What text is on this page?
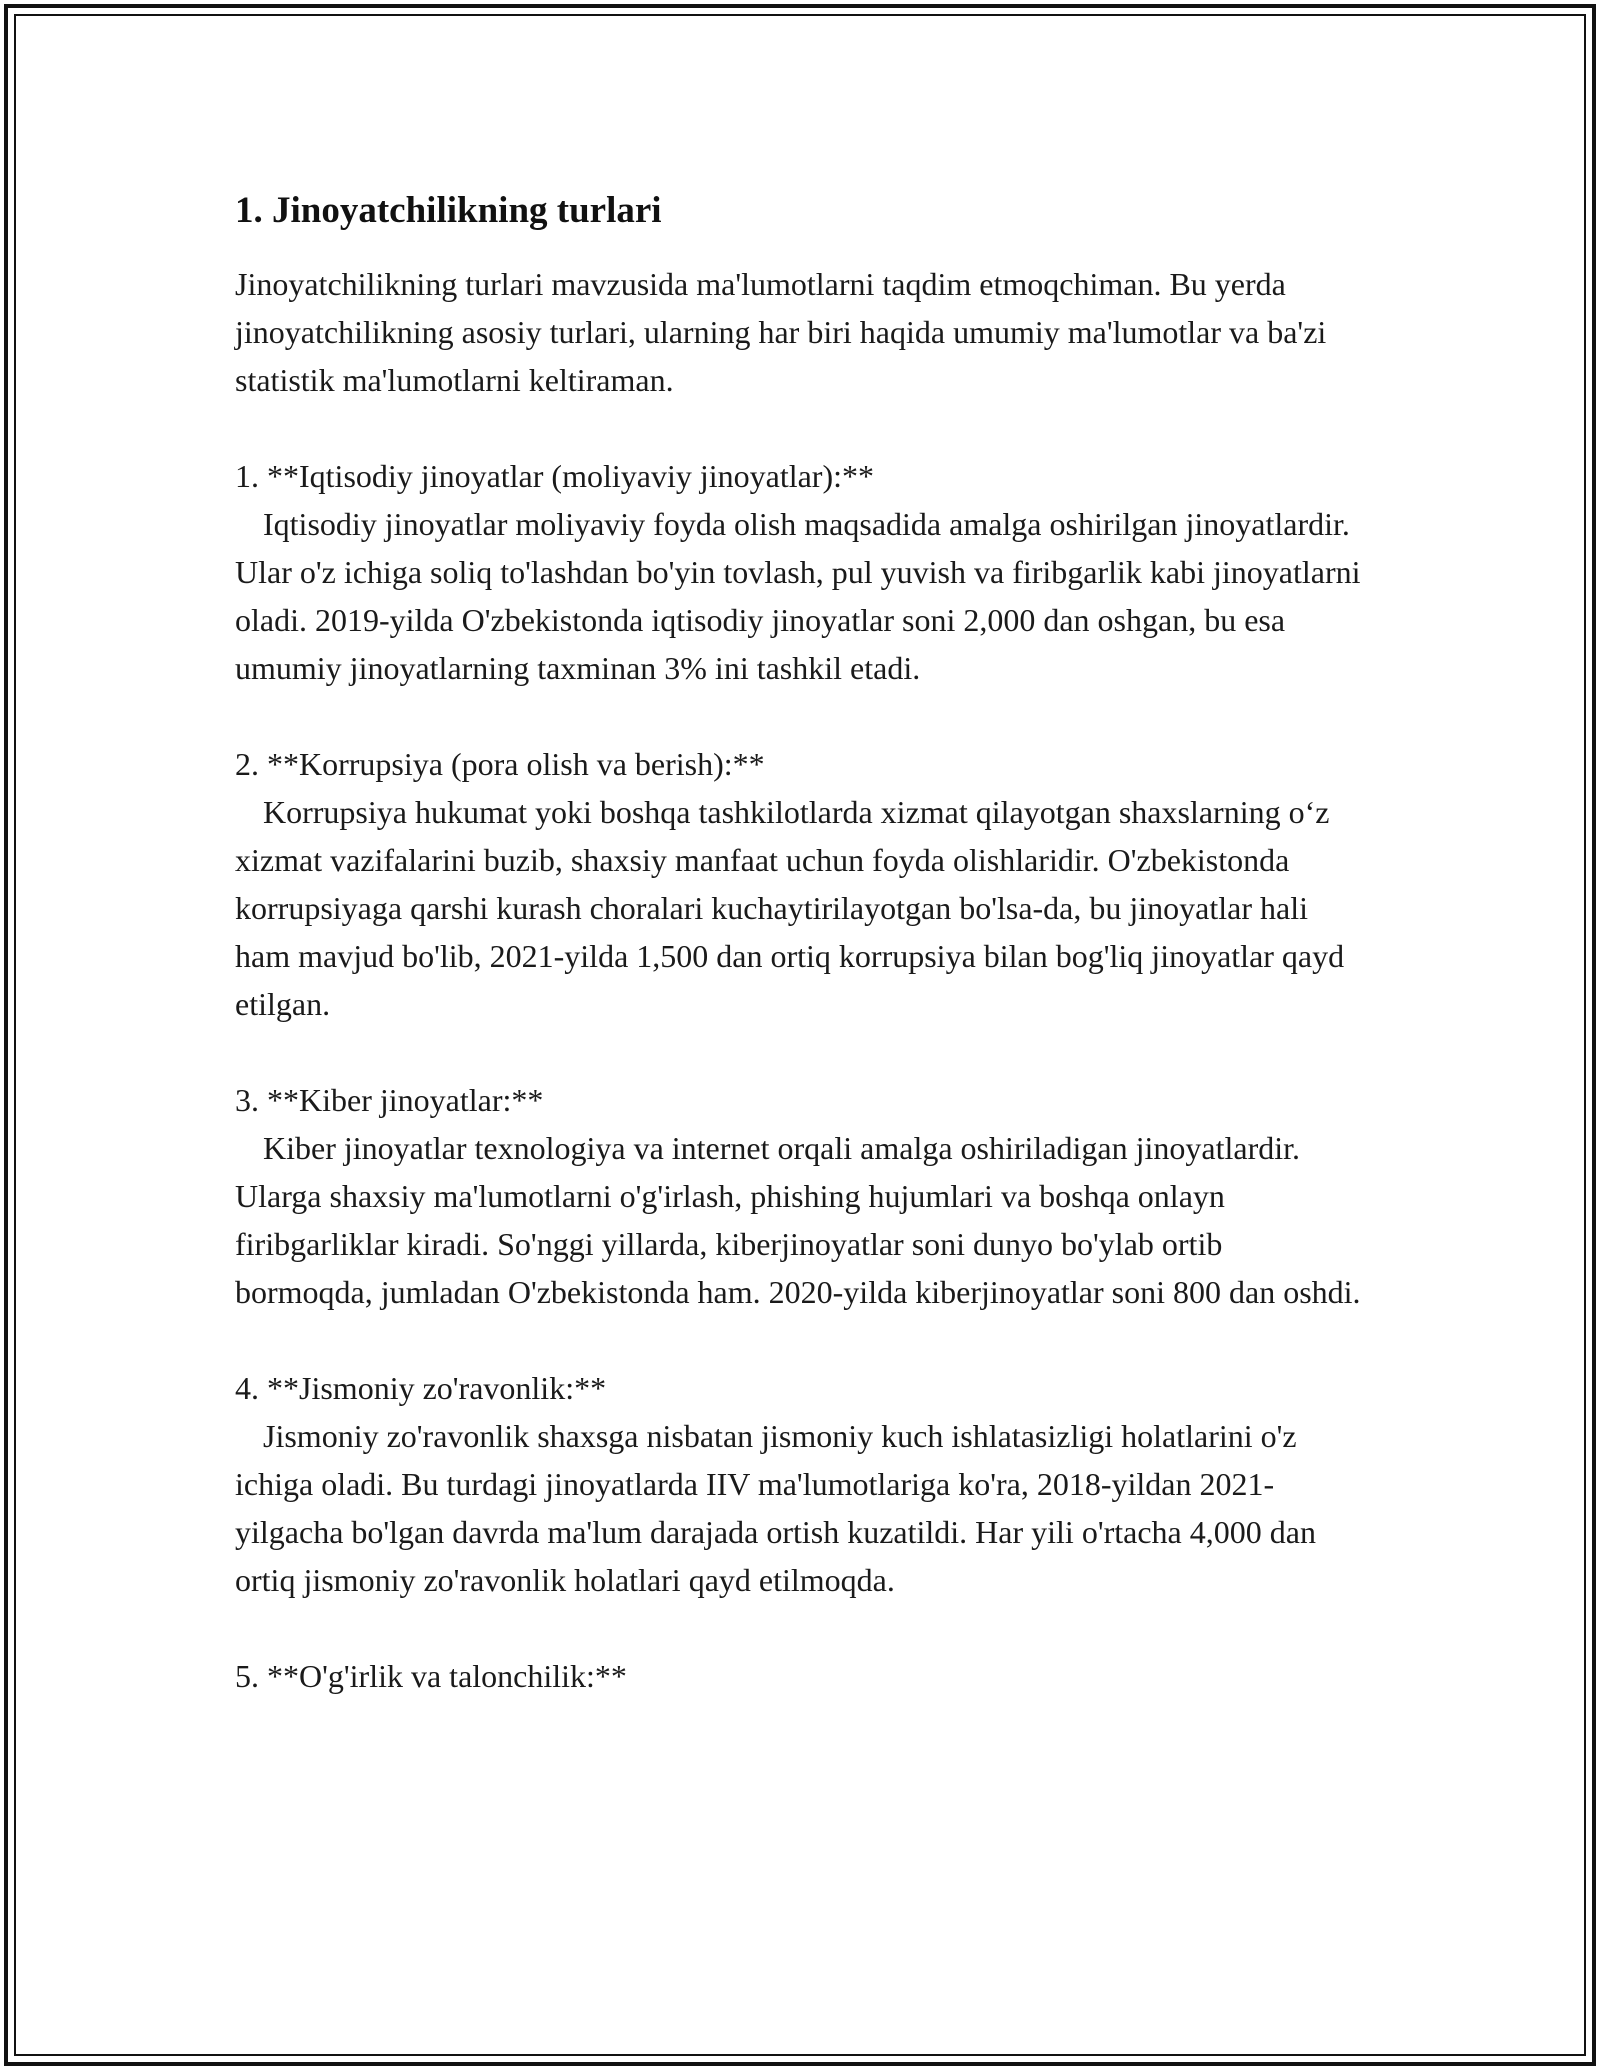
1. Jinoyatchilikning turlari

Jinoyatchilikning turlari mavzusida ma'lumotlarni taqdim etmoqchiman. Bu yerda jinoyatchilikning asosiy turlari, ularning har biri haqida umumiy ma'lumotlar va ba'zi statistik ma'lumotlarni keltiraman.

1. **Iqtisodiy jinoyatlar (moliyaviy jinoyatlar):**

Iqtisodiy jinoyatlar moliyaviy foyda olish maqsadida amalga oshirilgan jinoyatlardir. Ular o'z ichiga soliq to'lashdan bo'yin tovlash, pul yuvish va firibgarlik kabi jinoyatlarni oladi. 2019-yilda O'zbekistonda iqtisodiy jinoyatlar soni 2,000 dan oshgan, bu esa umumiy jinoyatlarning taxminan 3% ini tashkil etadi.

2. **Korrupsiya (pora olish va berish):**

Korrupsiya hukumat yoki boshqa tashkilotlarda xizmat qilayotgan shaxslarning o‘z xizmat vazifalarini buzib, shaxsiy manfaat uchun foyda olishlaridir. O'zbekistonda korrupsiyaga qarshi kurash choralari kuchaytirilayotgan bo'lsa-da, bu jinoyatlar hali ham mavjud bo'lib, 2021-yilda 1,500 dan ortiq korrupsiya bilan bog'liq jinoyatlar qayd etilgan.

3. **Kiber jinoyatlar:**

Kiber jinoyatlar texnologiya va internet orqali amalga oshiriladigan jinoyatlardir. Ularga shaxsiy ma'lumotlarni o'g'irlash, phishing hujumlari va boshqa onlayn firibgarliklar kiradi. So'nggi yillarda, kiberjinoyatlar soni dunyo bo'ylab ortib bormoqda, jumladan O'zbekistonda ham. 2020-yilda kiberjinoyatlar soni 800 dan oshdi.

4. **Jismoniy zo'ravonlik:**

Jismoniy zo'ravonlik shaxsga nisbatan jismoniy kuch ishlatasizligi holatlarini o'z ichiga oladi. Bu turdagi jinoyatlarda IIV ma'lumotlariga ko'ra, 2018-yildan 2021-yilgacha bo'lgan davrda ma'lum darajada ortish kuzatildi. Har yili o'rtacha 4,000 dan ortiq jismoniy zo'ravonlik holatlari qayd etilmoqda.

5. **O'g'irlik va talonchilik:**
